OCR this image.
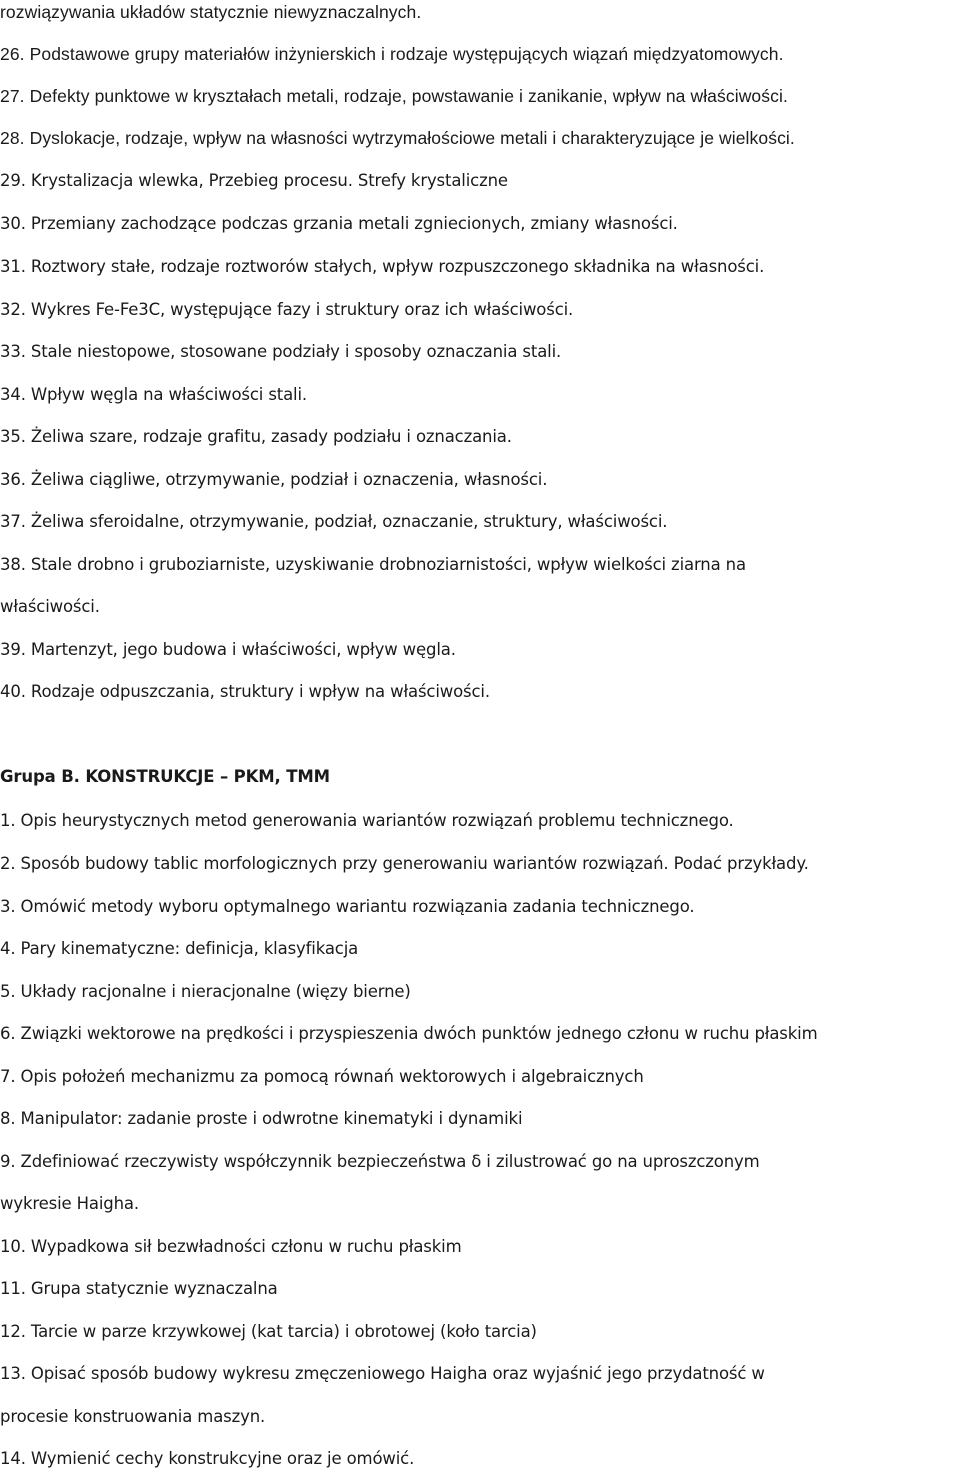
rozwiązywania układów statycznie niewyznaczalnych.
26. Podstawowe grupy materiałów inżynierskich i rodzaje występujących wiązań międzyatomowych.
27. Defekty punktowe w kryształach metali, rodzaje, powstawanie i zanikanie, wpływ na właściwości.
28. Dyslokacje, rodzaje, wpływ na własności wytrzymałościowe metali i charakteryzujące je wielkości.
29. Krystalizacja wlewka, Przebieg procesu. Strefy krystaliczne
30. Przemiany zachodzące podczas grzania metali zgniecionych, zmiany własności.
31. Roztwory stałe, rodzaje roztworów stałych, wpływ rozpuszczonego składnika na własności.
32. Wykres Fe-Fe3C, występujące fazy i struktury oraz ich właściwości.
33. Stale niestopowe, stosowane podziały i sposoby oznaczania stali.
34. Wpływ węgla na właściwości stali.
35. Żeliwa szare, rodzaje grafitu, zasady podziału i oznaczania.
36. Żeliwa ciągliwe, otrzymywanie, podział i oznaczenia, własności.
37. Żeliwa sferoidalne, otrzymywanie, podział, oznaczanie, struktury, właściwości.
38. Stale drobno i gruboziarniste, uzyskiwanie drobnoziarnistości, wpływ wielkości ziarna na
właściwości.
39. Martenzyt, jego budowa i właściwości, wpływ węgla.
40. Rodzaje odpuszczania, struktury i wpływ na właściwości.
Grupa B. KONSTRUKCJE – PKM, TMM
1. Opis heurystycznych metod generowania wariantów rozwiązań problemu technicznego.
2. Sposób budowy tablic morfologicznych przy generowaniu wariantów rozwiązań. Podać przykłady.
3. Omówić metody wyboru optymalnego wariantu rozwiązania zadania technicznego.
4. Pary kinematyczne: definicja, klasyfikacja
5. Układy racjonalne i nieracjonalne (więzy bierne)
6. Związki wektorowe na prędkości i przyspieszenia dwóch punktów jednego członu w ruchu płaskim
7. Opis położeń mechanizmu za pomocą równań wektorowych i algebraicznych
8. Manipulator: zadanie proste i odwrotne kinematyki i dynamiki
9. Zdefiniować rzeczywisty współczynnik bezpieczeństwa δ i zilustrować go na uproszczonym
wykresie Haigha.
10. Wypadkowa sił bezwładności członu w ruchu płaskim
11. Grupa statycznie wyznaczalna
12. Tarcie w parze krzywkowej (kat tarcia) i obrotowej (koło tarcia)
13. Opisać sposób budowy wykresu zmęczeniowego Haigha oraz wyjaśnić jego przydatność w
procesie konstruowania maszyn.
14. Wymienić cechy konstrukcyjne oraz je omówić.
